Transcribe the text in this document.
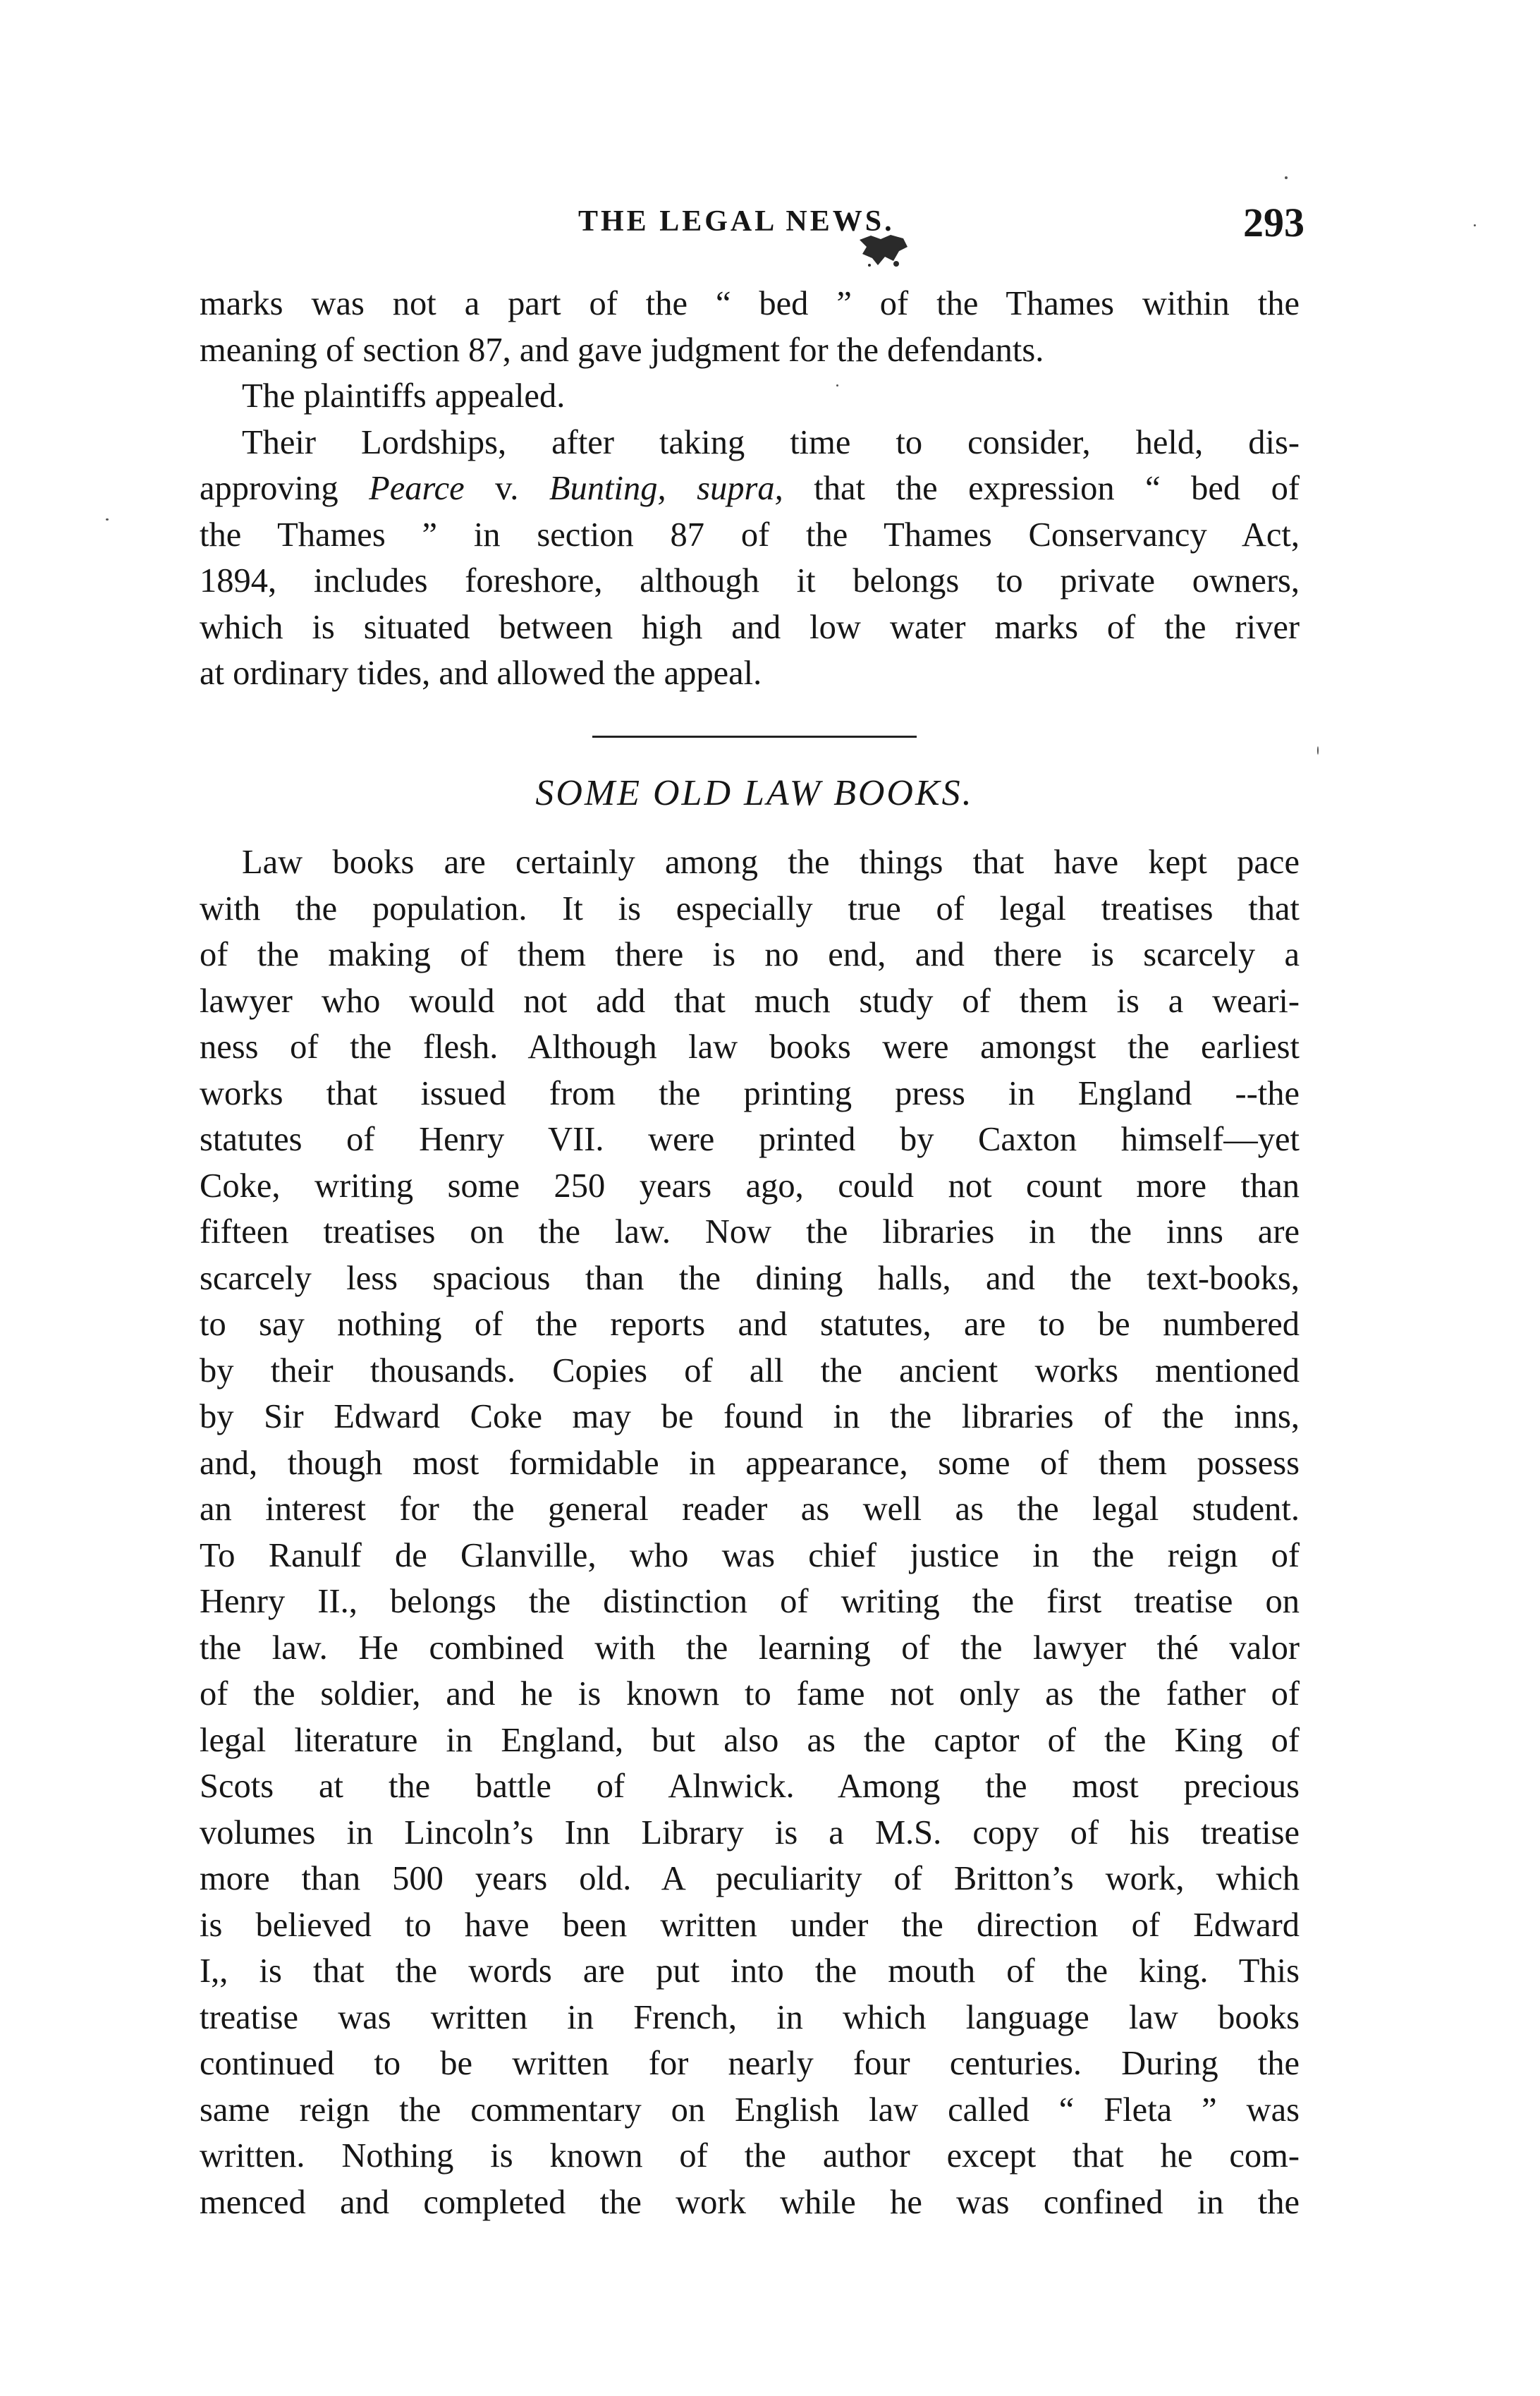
THE LEGAL NEWS.	293
marks was not a part of the “ bed ” of the Thames within the
meaning of section 87, and gave judgment for the defendants.
The plaintiffs appealed.
Their Lordships, after taking time to consider, held, dis-
approving Pearce v. Bunting, supra, that the expression “ bed of
the Thames ” in section 87 of the Thames Conservancy Act,
1894, includes foreshore, although it belongs to private owners,
which is situated between high and low water marks of the river
at ordinary tides, and allowed the appeal.
SOME OLD LAW BOOKS.
Law books are certainly among the things that have kept pace
with the population. It is especially true of legal treatises that
of the making of them there is no end, and there is scarcely a
lawyer who would not add that much study of them is a weari-
ness of the flesh. Although law books were amongst the earliest
works that issued from the printing press in England --the
statutes of Henry VII. were printed by Caxton himself—yet
Coke, writing some 250 years ago, could not count more than
fifteen treatises on the law. Now the libraries in the inns are
scarcely less spacious than the dining halls, and the text-books,
to say nothing of the reports and statutes, are to be numbered
by their thousands. Copies of all the ancient works mentioned
by Sir Edward Coke may be found in the libraries of the inns,
and, though most formidable in appearance, some of them possess
an interest for the general reader as well as the legal student.
To Ranulf de Glanville, who was chief justice in the reign of
Henry II., belongs the distinction of writing the first treatise on
the law. He combined with the learning of the lawyer thé valor
of the soldier, and he is known to fame not only as the father of
legal literature in England, but also as the captor of the King of
Scots at the battle of Alnwick. Among the most precious
volumes in Lincoln’s Inn Library is a M.S. copy of his treatise
more than 500 years old. A peculiarity of Britton’s work, which
is believed to have been written under the direction of Edward
I,, is that the words are put into the mouth of the king. This
treatise was written in French, in which language law books
continued to be written for nearly four centuries. During the
same reign the commentary on English law called “ Fleta ” was
written. Nothing is known of the author except that he com-
menced and completed the work while he was confined in the
